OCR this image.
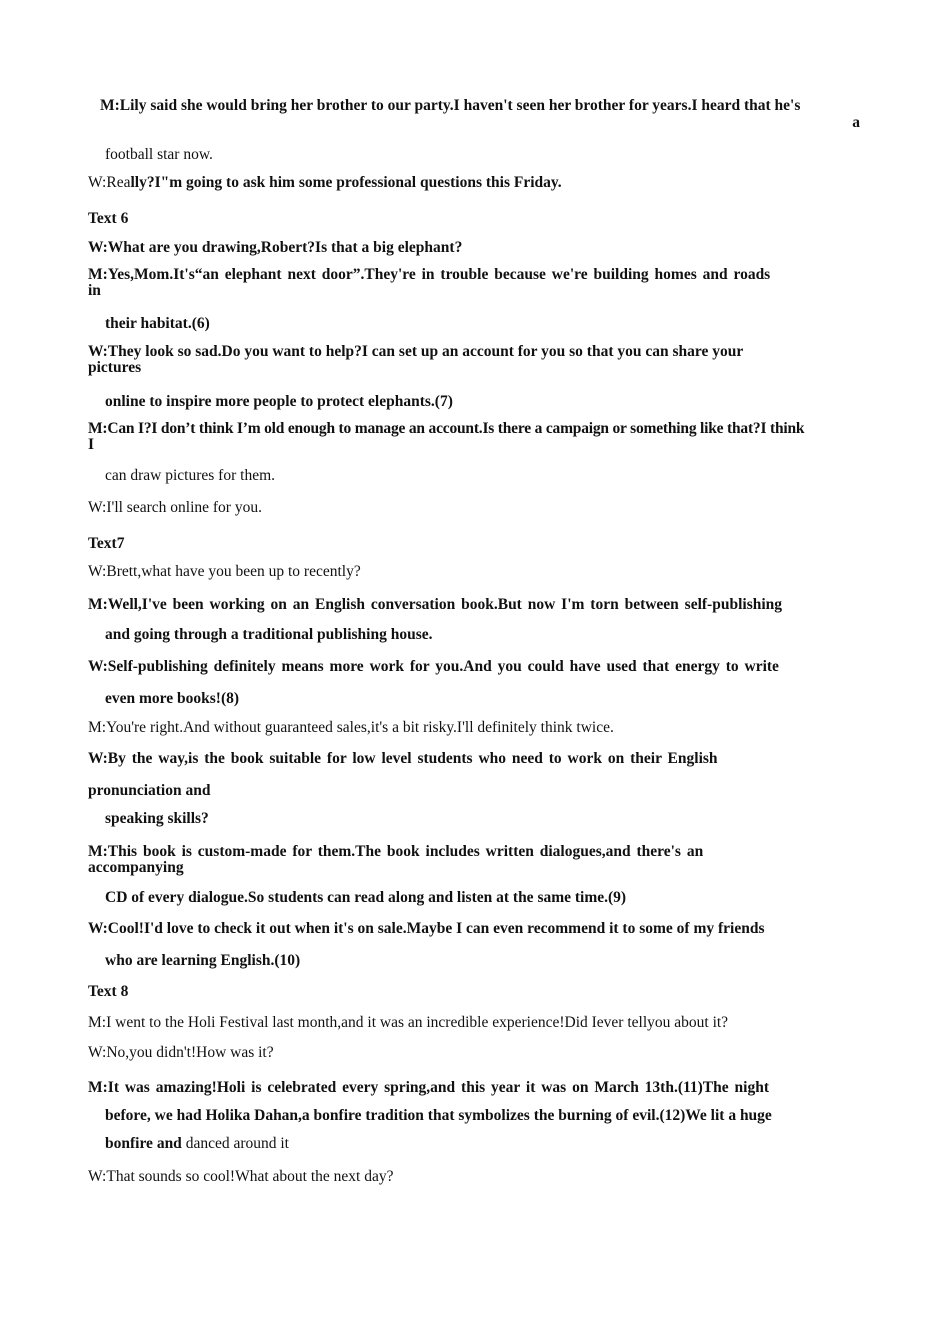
M:Lily said she would bring her brother to our party.I haven't seen her brother for years.I heard that he's
a
football star now.
W:Really?I"m going to ask him some professional questions this Friday.
Text 6
W:What are you drawing,Robert?Is that a big elephant?
M:Yes,Mom.It's“an elephant next door”.They're in trouble because we're building homes and roads
in
their habitat.(6)
W:They look so sad.Do you want to help?I can set up an account for you so that you can share your
pictures
online to inspire more people to protect elephants.(7)
M:Can I?I don’t think I’m old enough to manage an account.Is there a campaign or something like that?I think
I
can draw pictures for them.
W:I'll search online for you.
Text7
W:Brett,what have you been up to recently?
M:Well,I've been working on an English conversation book.But now I'm torn between self-publishing
and going through a traditional publishing house.
W:Self-publishing definitely means more work for you.And you could have used that energy to write
even more books!(8)
M:You're right.And without guaranteed sales,it's a bit risky.I'll definitely think twice.
W:By the way,is the book suitable for low level students who need to work on their English
pronunciation and
speaking skills?
M:This book is custom-made for them.The book includes written dialogues,and there's an
accompanying
CD of every dialogue.So students can read along and listen at the same time.(9)
W:Cool!I'd love to check it out when it's on sale.Maybe I can even recommend it to some of my friends
who are learning English.(10)
Text 8
M:I went to the Holi Festival last month,and it was an incredible experience!Did Iever tellyou about it?
W:No,you didn't!How was it?
M:It was amazing!Holi is celebrated every spring,and this year it was on March 13th.(11)The night
before, we had Holika Dahan,a bonfire tradition that symbolizes the burning of evil.(12)We lit a huge
bonfire and danced around it
W:That sounds so cool!What about the next day?
